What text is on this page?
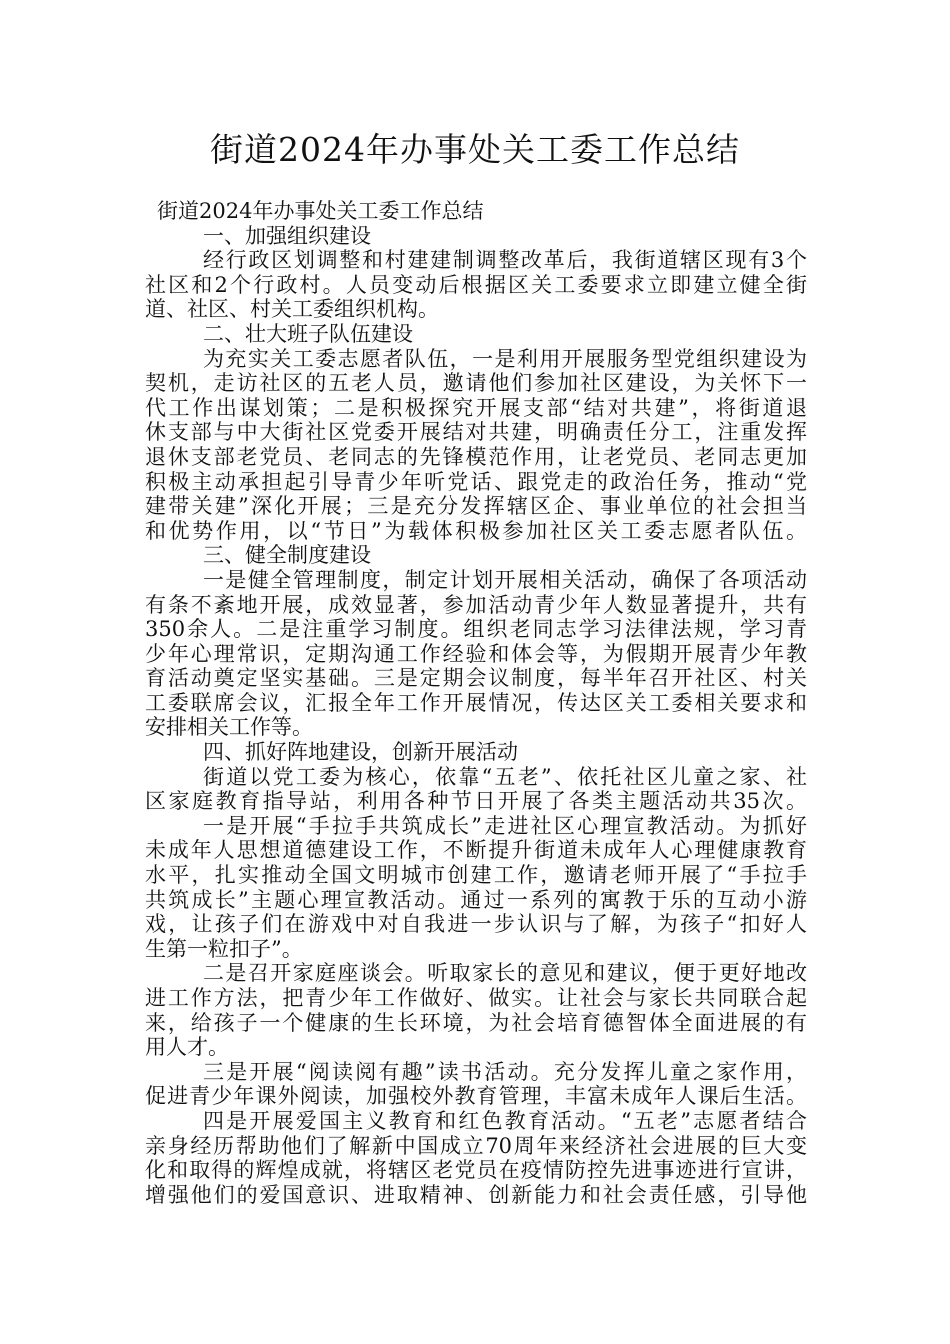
街道2024年办事处关工委工作总结
街道2024年办事处关工委工作总结
一、加强组织建设
经行政区划调整和村建建制调整改革后，我街道辖区现有3个
社区和2个行政村。人员变动后根据区关工委要求立即建立健全街
道、社区、村关工委组织机构。
二、壮大班子队伍建设
为充实关工委志愿者队伍，一是利用开展服务型党组织建设为
契机，走访社区的五老人员，邀请他们参加社区建设，为关怀下一
代工作出谋划策；二是积极探究开展支部“结对共建”，将街道退
休支部与中大街社区党委开展结对共建，明确责任分工，注重发挥
退休支部老党员、老同志的先锋模范作用，让老党员、老同志更加
积极主动承担起引导青少年听党话、跟党走的政治任务，推动“党
建带关建”深化开展；三是充分发挥辖区企、事业单位的社会担当
和优势作用，以“节日”为载体积极参加社区关工委志愿者队伍。
三、健全制度建设
一是健全管理制度，制定计划开展相关活动，确保了各项活动
有条不紊地开展，成效显著，参加活动青少年人数显著提升，共有
350余人。二是注重学习制度。组织老同志学习法律法规，学习青
少年心理常识，定期沟通工作经验和体会等，为假期开展青少年教
育活动奠定坚实基础。三是定期会议制度，每半年召开社区、村关
工委联席会议，汇报全年工作开展情况，传达区关工委相关要求和
安排相关工作等。
四、抓好阵地建设，创新开展活动
街道以党工委为核心，依靠“五老”、依托社区儿童之家、社
区家庭教育指导站，利用各种节日开展了各类主题活动共35次。
一是开展“手拉手共筑成长”走进社区心理宣教活动。为抓好
未成年人思想道德建设工作，不断提升街道未成年人心理健康教育
水平，扎实推动全国文明城市创建工作，邀请老师开展了“手拉手
共筑成长”主题心理宣教活动。通过一系列的寓教于乐的互动小游
戏，让孩子们在游戏中对自我进一步认识与了解，为孩子“扣好人
生第一粒扣子”。
二是召开家庭座谈会。听取家长的意见和建议，便于更好地改
进工作方法，把青少年工作做好、做实。让社会与家长共同联合起
来，给孩子一个健康的生长环境，为社会培育德智体全面进展的有
用人才。
三是开展“阅读阅有趣”读书活动。充分发挥儿童之家作用，
促进青少年课外阅读，加强校外教育管理，丰富未成年人课后生活。
四是开展爱国主义教育和红色教育活动。“五老”志愿者结合
亲身经历帮助他们了解新中国成立70周年来经济社会进展的巨大变
化和取得的辉煌成就，将辖区老党员在疫情防控先进事迹进行宣讲，
增强他们的爱国意识、进取精神、创新能力和社会责任感，引导他
